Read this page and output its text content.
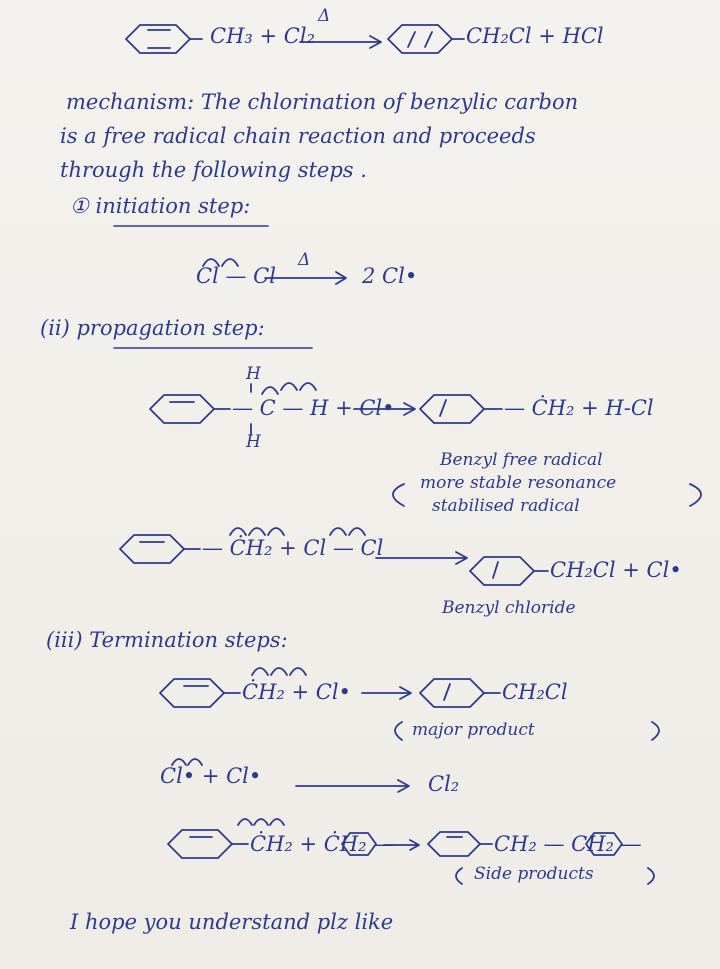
CH₃ + Cl₂
Δ
CH₂Cl + HCl
mechanism: The chlorination of benzylic carbon
is a free radical chain reaction and proceeds
through the following steps .
① initiation step:
Cl — Cl
Δ
2 Cl•
(ii) propagation step:
H
— C — H + Cl•
H
— ĊH₂ + H-Cl
Benzyl free radical
more stable resonance
stabilised radical
— ĊH₂ + Cl — Cl
CH₂Cl + Cl•
Benzyl chloride
(iii) Termination steps:
ĊH₂ + Cl•	CH₂Cl
major product
Cl• + Cl•	Cl₂
ĊH₂ + ĊH₂ —	CH₂ — CH₂ —
Side products
I hope you understand plz like
